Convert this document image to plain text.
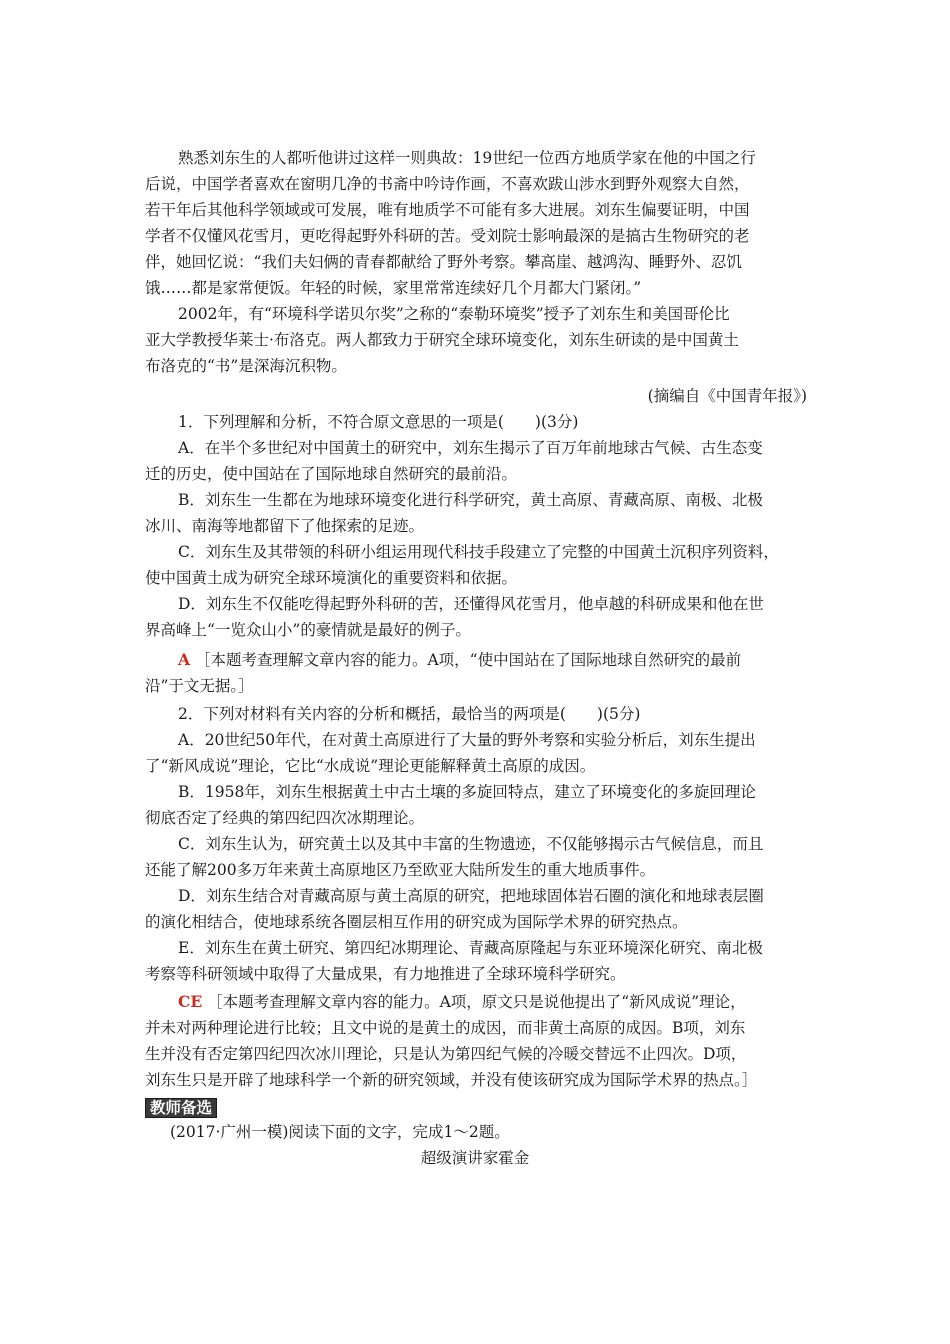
熟悉刘东生的人都听他讲过这样一则典故：19世纪一位西方地质学家在他的中国之行
后说，中国学者喜欢在窗明几净的书斋中吟诗作画，不喜欢跋山涉水到野外观察大自然，
若干年后其他科学领域或可发展，唯有地质学不可能有多大进展。刘东生偏要证明，中国
学者不仅懂风花雪月，更吃得起野外科研的苦。受刘院士影响最深的是搞古生物研究的老
伴，她回忆说：“我们夫妇俩的青春都献给了野外考察。攀高崖、越鸿沟、睡野外、忍饥
饿……都是家常便饭。年轻的时候，家里常常连续好几个月都大门紧闭。”
2002年，有“环境科学诺贝尔奖”之称的“泰勒环境奖”授予了刘东生和美国哥伦比
亚大学教授华莱士·布洛克。两人都致力于研究全球环境变化，刘东生研读的是中国黄土
布洛克的“书”是深海沉积物。
(摘编自《中国青年报》)
1．下列理解和分析，不符合原文意思的一项是(　　)(3分)
A．在半个多世纪对中国黄土的研究中，刘东生揭示了百万年前地球古气候、古生态变
迁的历史，使中国站在了国际地球自然研究的最前沿。
B．刘东生一生都在为地球环境变化进行科学研究，黄土高原、青藏高原、南极、北极
冰川、南海等地都留下了他探索的足迹。
C．刘东生及其带领的科研小组运用现代科技手段建立了完整的中国黄土沉积序列资料，
使中国黄土成为研究全球环境演化的重要资料和依据。
D．刘东生不仅能吃得起野外科研的苦，还懂得风花雪月，他卓越的科研成果和他在世
界高峰上“一览众山小”的豪情就是最好的例子。
A ［本题考查理解文章内容的能力。A项，“使中国站在了国际地球自然研究的最前
沿”于文无据。］
2．下列对材料有关内容的分析和概括，最恰当的两项是(　　)(5分)
A．20世纪50年代，在对黄土高原进行了大量的野外考察和实验分析后，刘东生提出
了“新风成说”理论，它比“水成说”理论更能解释黄土高原的成因。
B．1958年，刘东生根据黄土中古土壤的多旋回特点，建立了环境变化的多旋回理论
彻底否定了经典的第四纪四次冰期理论。
C．刘东生认为，研究黄土以及其中丰富的生物遗迹，不仅能够揭示古气候信息，而且
还能了解200多万年来黄土高原地区乃至欧亚大陆所发生的重大地质事件。
D．刘东生结合对青藏高原与黄土高原的研究，把地球固体岩石圈的演化和地球表层圈
的演化相结合，使地球系统各圈层相互作用的研究成为国际学术界的研究热点。
E．刘东生在黄土研究、第四纪冰期理论、青藏高原隆起与东亚环境深化研究、南北极
考察等科研领域中取得了大量成果，有力地推进了全球环境科学研究。
CE ［本题考查理解文章内容的能力。A项，原文只是说他提出了“新风成说”理论，
并未对两种理论进行比较；且文中说的是黄土的成因，而非黄土高原的成因。B项，刘东
生并没有否定第四纪四次冰川理论，只是认为第四纪气候的冷暖交替远不止四次。D项，
刘东生只是开辟了地球科学一个新的研究领域，并没有使该研究成为国际学术界的热点。］
教师备选
(2017·广州一模)阅读下面的文字，完成1～2题。
超级演讲家霍金
